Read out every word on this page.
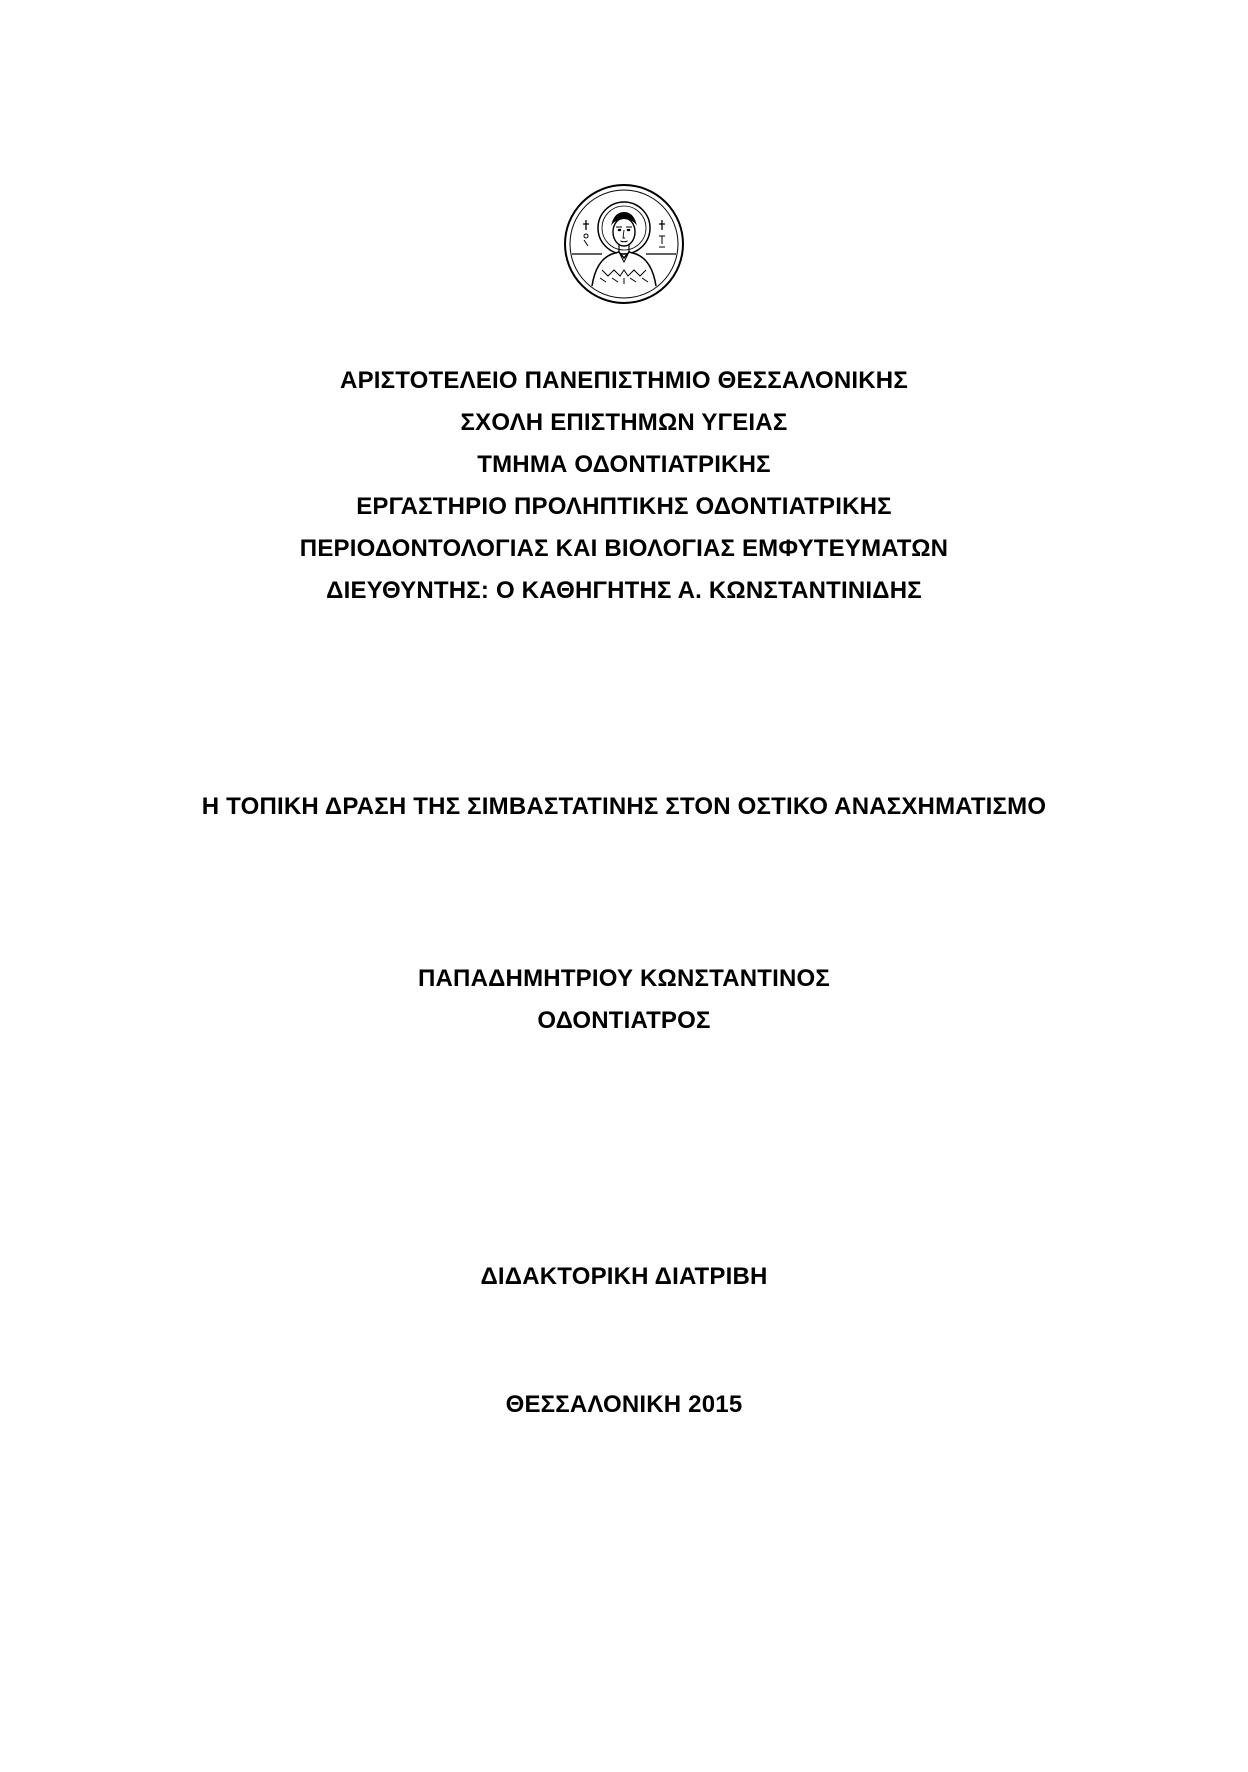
ΑΡΙΣΤΟΤΕΛΕΙΟ ΠΑΝΕΠΙΣΤΗΜΙΟ ΘΕΣΣΑΛΟΝΙΚΗΣ
ΣΧΟΛΗ ΕΠΙΣΤΗΜΩΝ ΥΓΕΙΑΣ
ΤΜΗΜΑ ΟΔΟΝΤΙΑΤΡΙΚΗΣ
ΕΡΓΑΣΤΗΡΙΟ ΠΡΟΛΗΠΤΙΚΗΣ ΟΔΟΝΤΙΑΤΡΙΚΗΣ
ΠΕΡΙΟΔΟΝΤΟΛΟΓΙΑΣ ΚΑΙ ΒΙΟΛΟΓΙΑΣ ΕΜΦΥΤΕΥΜΑΤΩΝ
ΔΙΕΥΘΥΝΤΗΣ: Ο ΚΑΘΗΓΗΤΗΣ Α. ΚΩΝΣΤΑΝΤΙΝΙΔΗΣ
Η ΤΟΠΙΚΗ ΔΡΑΣΗ ΤΗΣ ΣΙΜΒΑΣΤΑΤΙΝΗΣ ΣΤΟΝ ΟΣΤΙΚΟ ΑΝΑΣΧΗΜΑΤΙΣΜΟ
ΠΑΠΑΔΗΜΗΤΡΙΟΥ ΚΩΝΣΤΑΝΤΙΝΟΣ
ΟΔΟΝΤΙΑΤΡΟΣ
ΔΙΔΑΚΤΟΡΙΚΗ ΔΙΑΤΡΙΒΗ
ΘΕΣΣΑΛΟΝΙΚΗ 2015
